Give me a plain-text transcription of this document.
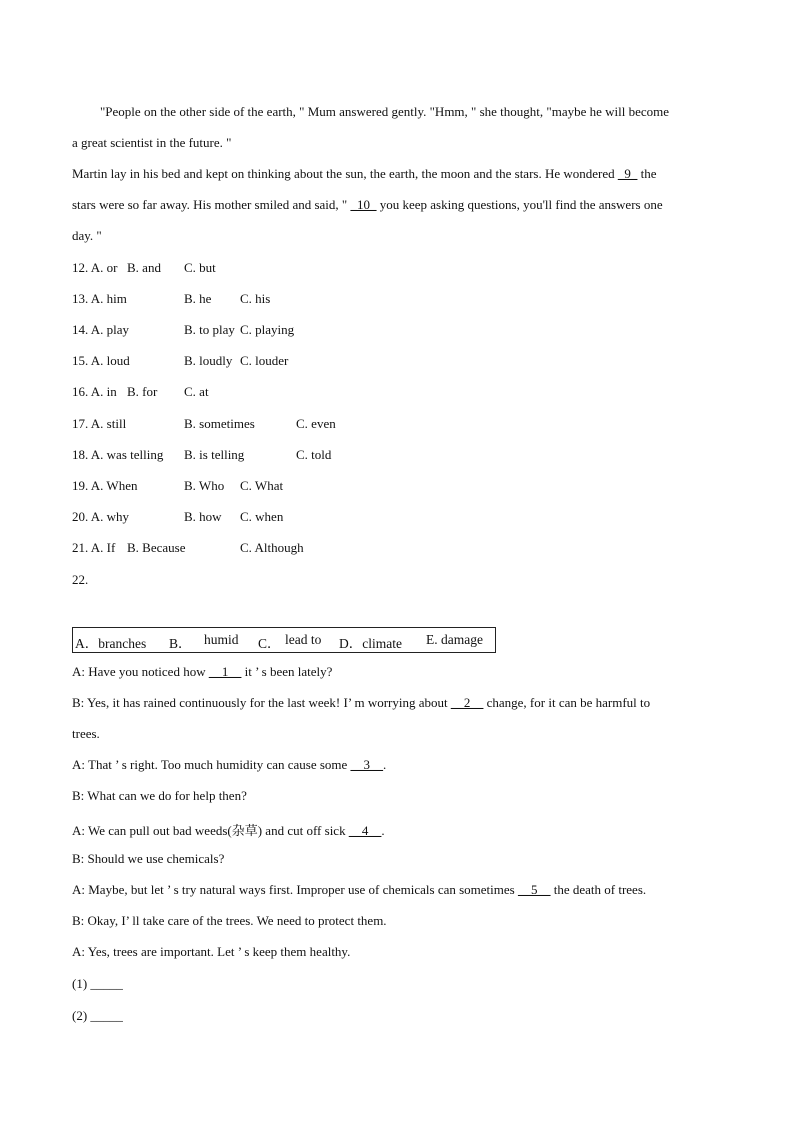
"People on the other side of the earth, " Mum answered gently. "Hmm, " she thought, "maybe he will become
a great scientist in the future. "
Martin lay in his bed and kept on thinking about the sun, the earth, the moon and the stars. He wondered _9_ the
stars were so far away. His mother smiled and said, " _10_ you keep asking questions, you'll find the answers one
day. "
12. A. or B. and C. but
13. A. him	B. he C. his
14. A. play	B. to play C. playing
15. A. loud	B. loudly C. louder
16. A. in B. for C. at
17. A. still	B. sometimes	C. even
18. A. was telling B. is telling	C. told
19. A. When	B. Who C. What
20. A. why	B. how C. when
21. A. If B. Because	C. Although
22.
A．branches B． humid C． lead to D．climate E. damage
A: Have you noticed how __1__ it ’ s been lately?
B: Yes, it has rained continuously for the last week! I’ m worrying about __2__ change, for it can be harmful to
trees.
A: That ’ s right. Too much humidity can cause some __3__.
B: What can we do for help then?
A: We can pull out bad weeds(杂草) and cut off sick __4__.
B: Should we use chemicals?
A: Maybe, but let ’ s try natural ways first. Improper use of chemicals can sometimes __5__ the death of trees.
B: Okay, I’ ll take care of the trees. We need to protect them.
A: Yes, trees are important. Let ’ s keep them healthy.
(1) _____
(2) _____
